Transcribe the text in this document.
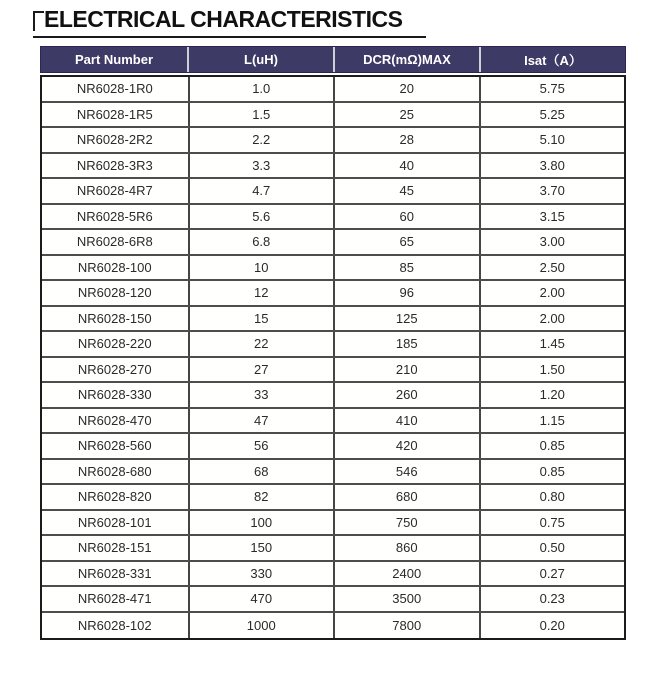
ELECTRICAL CHARACTERISTICS
Part Number	L(uH)	DCR(mΩ)MAX	Isat（A）
NR6028-1R0	1.0	20	5.75
NR6028-1R5	1.5	25	5.25
NR6028-2R2	2.2	28	5.10
NR6028-3R3	3.3	40	3.80
NR6028-4R7	4.7	45	3.70
NR6028-5R6	5.6	60	3.15
NR6028-6R8	6.8	65	3.00
NR6028-100	10	85	2.50
NR6028-120	12	96	2.00
NR6028-150	15	125	2.00
NR6028-220	22	185	1.45
NR6028-270	27	210	1.50
NR6028-330	33	260	1.20
NR6028-470	47	410	1.15
NR6028-560	56	420	0.85
NR6028-680	68	546	0.85
NR6028-820	82	680	0.80
NR6028-101	100	750	0.75
NR6028-151	150	860	0.50
NR6028-331	330	2400	0.27
NR6028-471	470	3500	0.23
NR6028-102	1000	7800	0.20
